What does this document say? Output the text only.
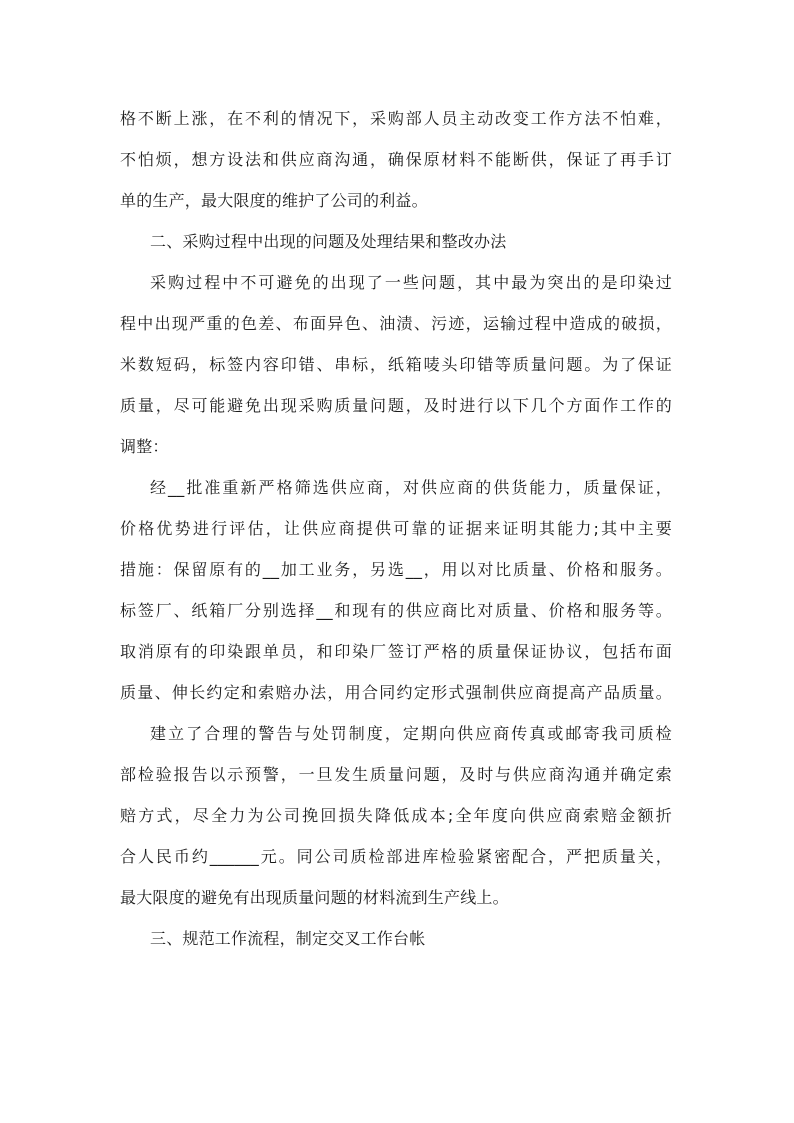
格不断上涨，在不利的情况下，采购部人员主动改变工作方法不怕难，
不怕烦，想方设法和供应商沟通，确保原材料不能断供，保证了再手订
单的生产，最大限度的维护了公司的利益。
二、采购过程中出现的问题及处理结果和整改办法
采购过程中不可避免的出现了一些问题，其中最为突出的是印染过
程中出现严重的色差、布面异色、油渍、污迹，运输过程中造成的破损，
米数短码，标签内容印错、串标，纸箱唛头印错等质量问题。为了保证
质量，尽可能避免出现采购质量问题，及时进行以下几个方面作工作的
调整：
经__批准重新严格筛选供应商，对供应商的供货能力，质量保证，
价格优势进行评估，让供应商提供可靠的证据来证明其能力;其中主要
措施：保留原有的__加工业务，另选__，用以对比质量、价格和服务。
标签厂、纸箱厂分别选择__和现有的供应商比对质量、价格和服务等。
取消原有的印染跟单员，和印染厂签订严格的质量保证协议，包括布面
质量、伸长约定和索赔办法，用合同约定形式强制供应商提高产品质量。
建立了合理的警告与处罚制度，定期向供应商传真或邮寄我司质检
部检验报告以示预警，一旦发生质量问题，及时与供应商沟通并确定索
赔方式，尽全力为公司挽回损失降低成本;全年度向供应商索赔金额折
合人民币约______元。同公司质检部进库检验紧密配合，严把质量关，
最大限度的避免有出现质量问题的材料流到生产线上。
三、规范工作流程，制定交叉工作台帐
